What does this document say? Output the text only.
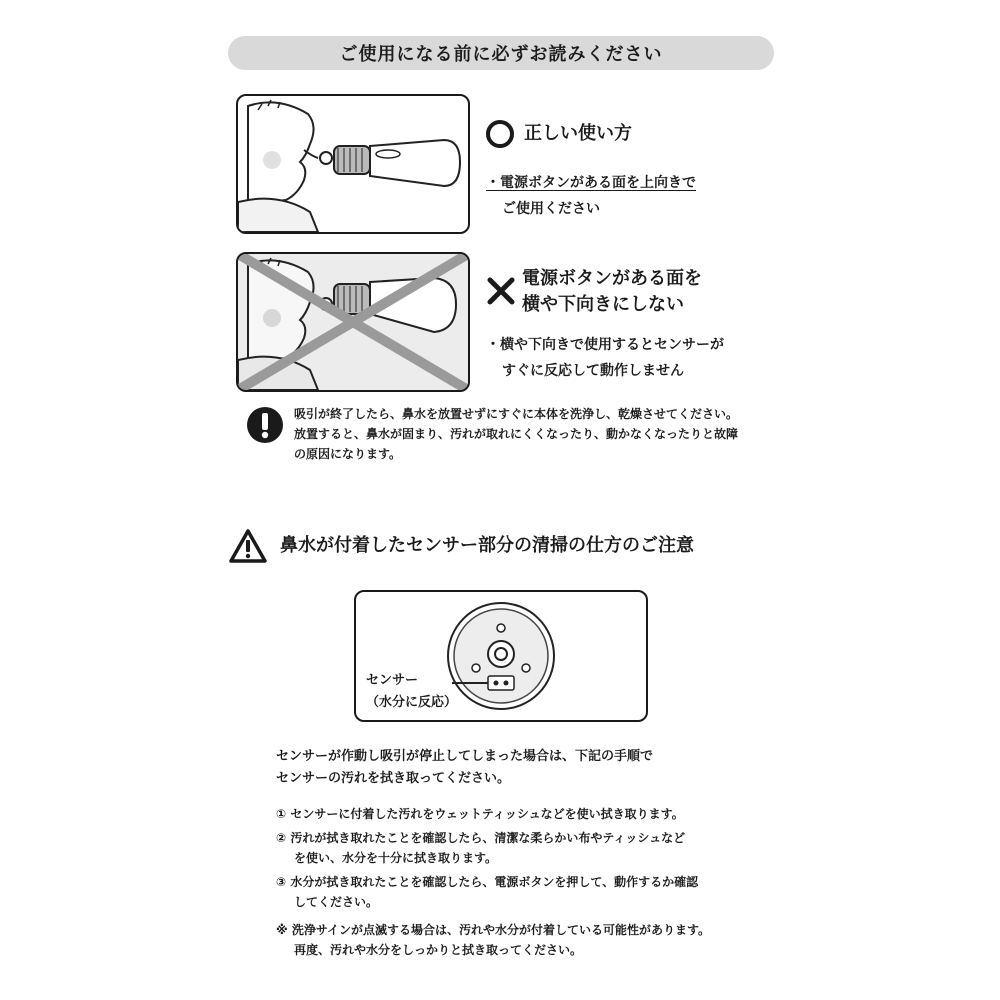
ご使用になる前に必ずお読みください
正しい使い方
・電源ボタンがある面を上向きで
ご使用ください
電源ボタンがある面を
横や下向きにしない
・横や下向きで使用するとセンサーが
すぐに反応して動作しません
吸引が終了したら、鼻水を放置せずにすぐに本体を洗浄し、乾燥させてください。
放置すると、鼻水が固まり、汚れが取れにくくなったり、動かなくなったりと故障
の原因になります。
鼻水が付着したセンサー部分の清掃の仕方のご注意
センサー
（水分に反応）
センサーが作動し吸引が停止してしまった場合は、下記の手順で
センサーの汚れを拭き取ってください。
① センサーに付着した汚れをウェットティッシュなどを使い拭き取ります。
② 汚れが拭き取れたことを確認したら、清潔な柔らかい布やティッシュなど
を使い、水分を十分に拭き取ります。
③ 水分が拭き取れたことを確認したら、電源ボタンを押して、動作するか確認
してください。
※ 洗浄サインが点滅する場合は、汚れや水分が付着している可能性があります。
再度、汚れや水分をしっかりと拭き取ってください。
